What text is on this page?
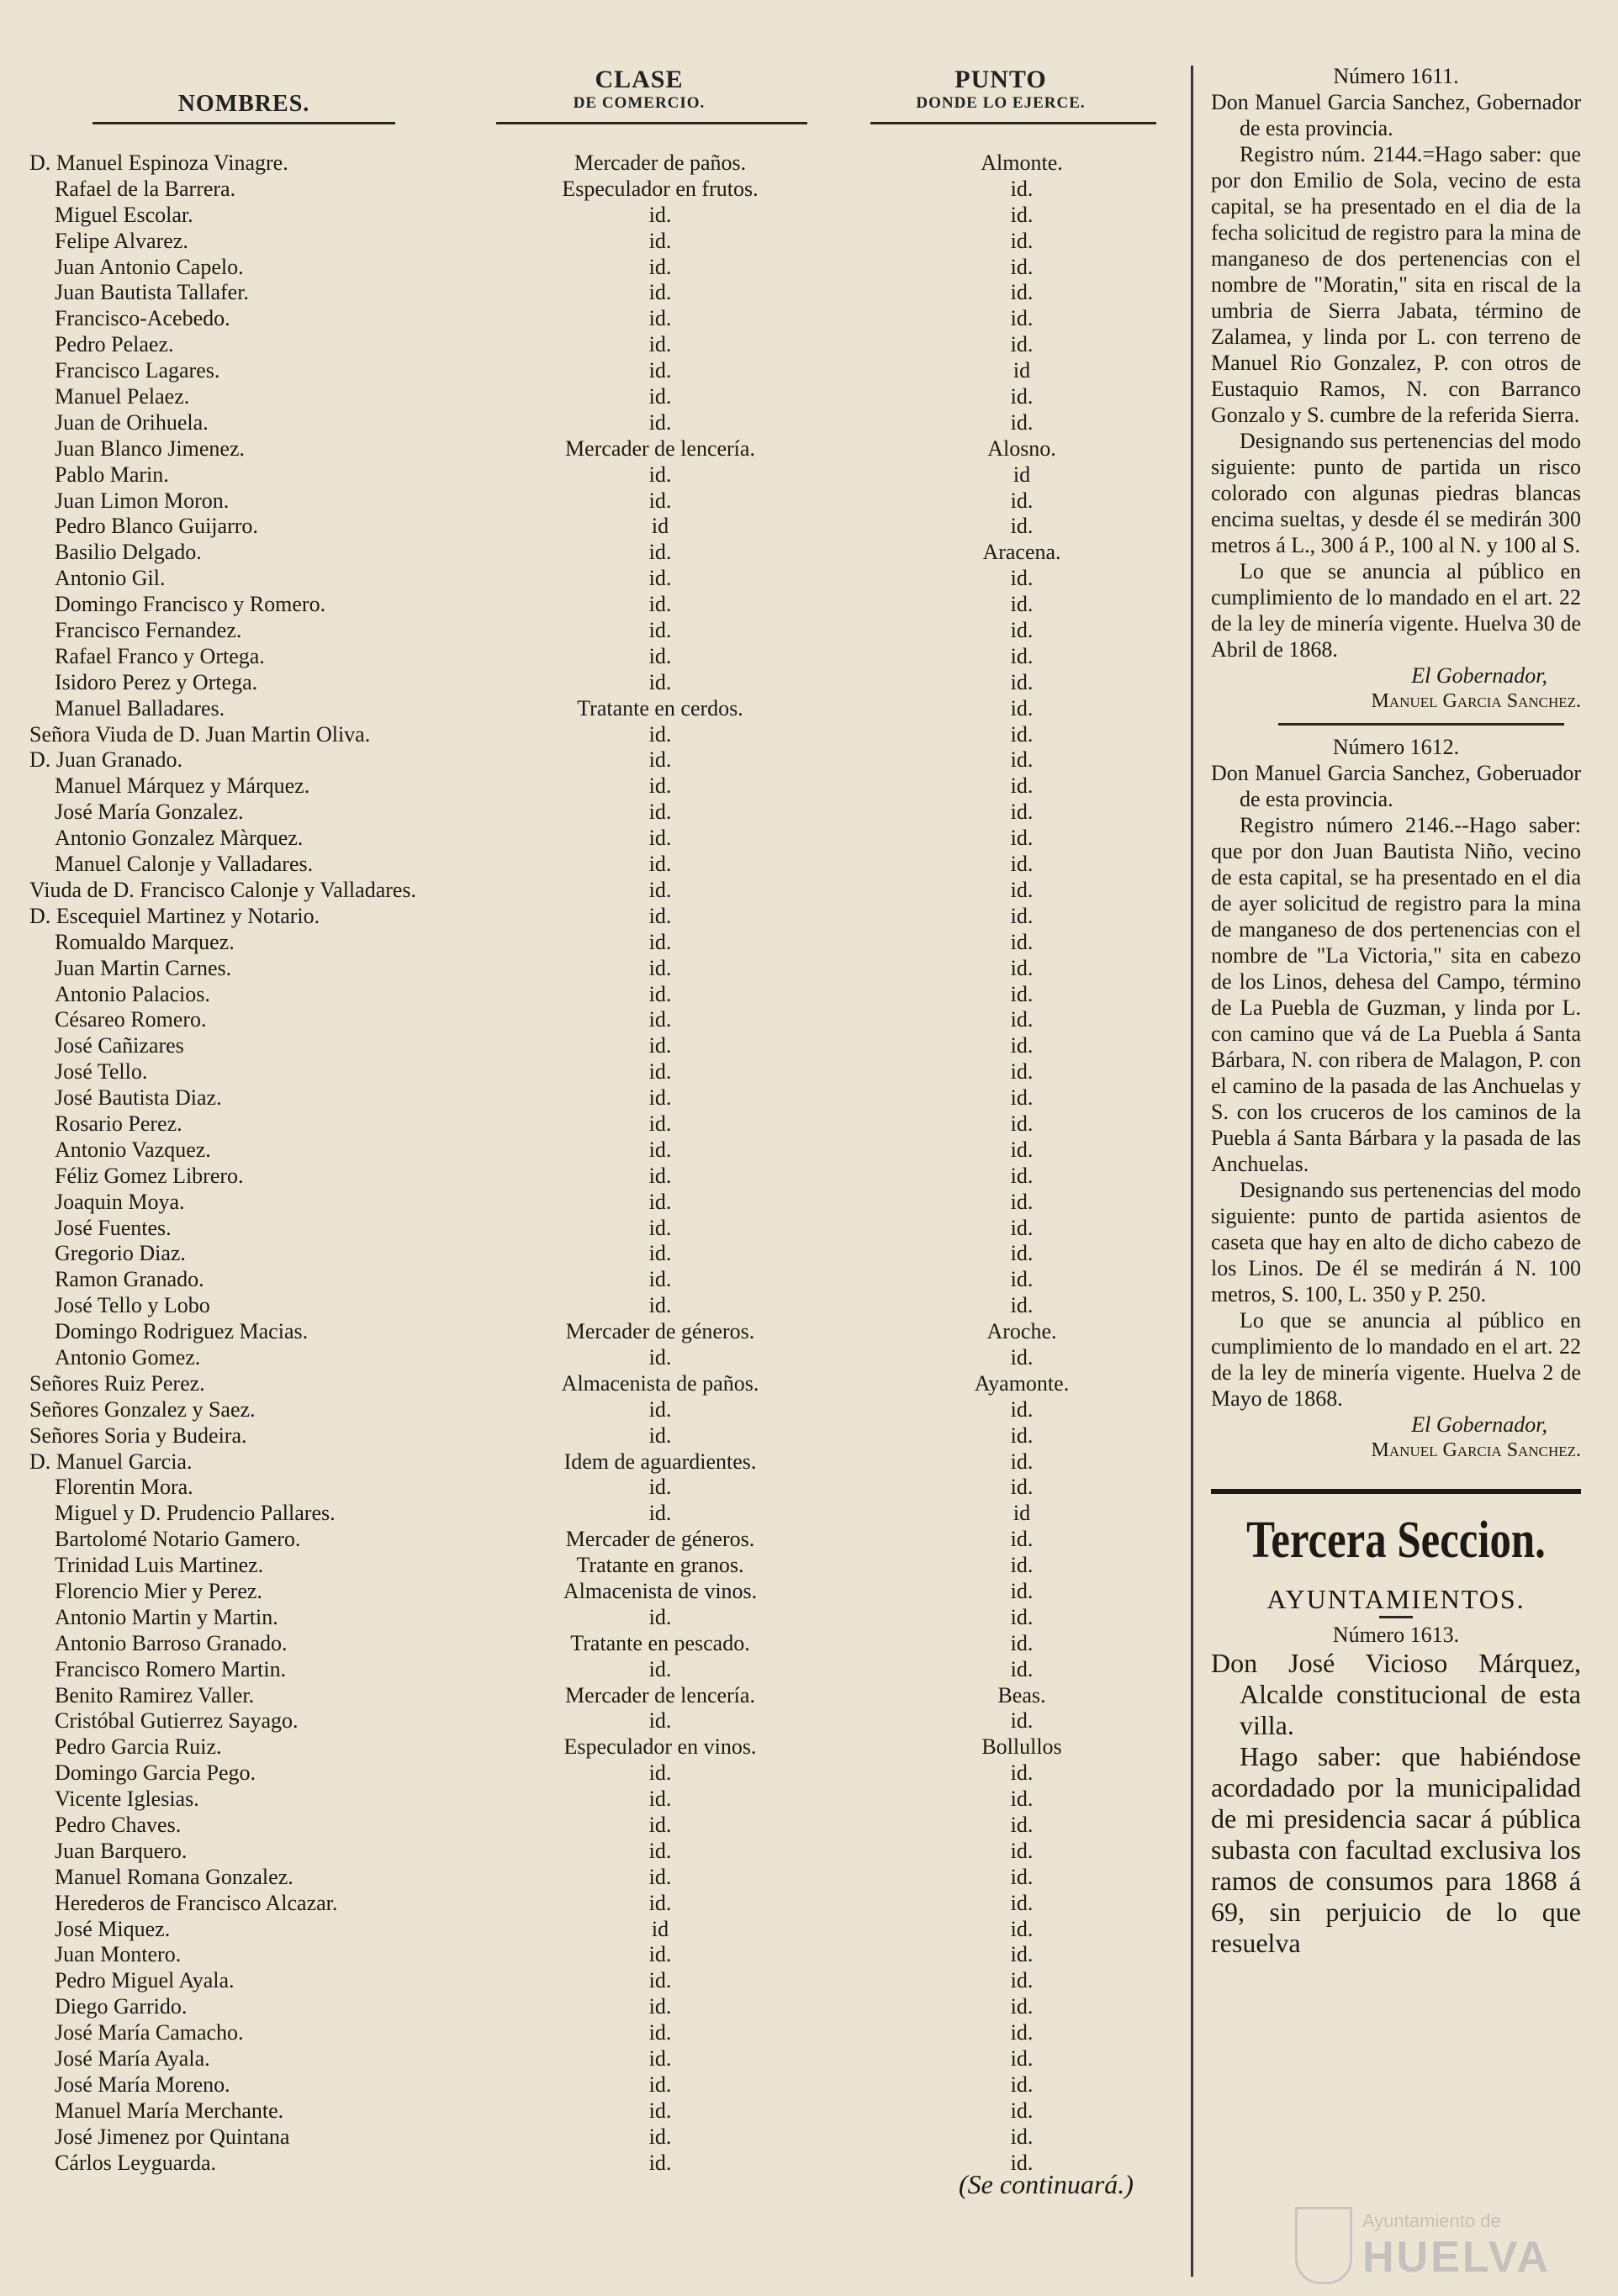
NOMBRES.
CLASE
DE COMERCIO.
PUNTO
DONDE LO EJERCE.
D. Manuel Espinoza Vinagre.	Mercader de paños.	Almonte.
Rafael de la Barrera.	Especulador en frutos.	id.
Miguel Escolar.	id.	id.
Felipe Alvarez.	id.	id.
Juan Antonio Capelo.	id.	id.
Juan Bautista Tallafer.	id.	id.
Francisco-Acebedo.	id.	id.
Pedro Pelaez.	id.	id.
Francisco Lagares.	id.	id
Manuel Pelaez.	id.	id.
Juan de Orihuela.	id.	id.
Juan Blanco Jimenez.	Mercader de lencería.	Alosno.
Pablo Marin.	id.	id
Juan Limon Moron.	id.	id.
Pedro Blanco Guijarro.	id	id.
Basilio Delgado.	id.	Aracena.
Antonio Gil.	id.	id.
Domingo Francisco y Romero.	id.	id.
Francisco Fernandez.	id.	id.
Rafael Franco y Ortega.	id.	id.
Isidoro Perez y Ortega.	id.	id.
Manuel Balladares.	Tratante en cerdos.	id.
Señora Viuda de D. Juan Martin Oliva.	id.	id.
D. Juan Granado.	id.	id.
Manuel Márquez y Márquez.	id.	id.
José María Gonzalez.	id.	id.
Antonio Gonzalez Màrquez.	id.	id.
Manuel Calonje y Valladares.	id.	id.
Viuda de D. Francisco Calonje y Valladares.	id.	id.
D. Escequiel Martinez y Notario.	id.	id.
Romualdo Marquez.	id.	id.
Juan Martin Carnes.	id.	id.
Antonio Palacios.	id.	id.
Césareo Romero.	id.	id.
José Cañizares	id.	id.
José Tello.	id.	id.
José Bautista Diaz.	id.	id.
Rosario Perez.	id.	id.
Antonio Vazquez.	id.	id.
Féliz Gomez Librero.	id.	id.
Joaquin Moya.	id.	id.
José Fuentes.	id.	id.
Gregorio Diaz.	id.	id.
Ramon Granado.	id.	id.
José Tello y Lobo	id.	id.
Domingo Rodriguez Macias.	Mercader de géneros.	Aroche.
Antonio Gomez.	id.	id.
Señores Ruiz Perez.	Almacenista de paños.	Ayamonte.
Señores Gonzalez y Saez.	id.	id.
Señores Soria y Budeira.	id.	id.
D. Manuel Garcia.	Idem de aguardientes.	id.
Florentin Mora.	id.	id.
Miguel y D. Prudencio Pallares.	id.	id
Bartolomé Notario Gamero.	Mercader de géneros.	id.
Trinidad Luis Martinez.	Tratante en granos.	id.
Florencio Mier y Perez.	Almacenista de vinos.	id.
Antonio Martin y Martin.	id.	id.
Antonio Barroso Granado.	Tratante en pescado.	id.
Francisco Romero Martin.	id.	id.
Benito Ramirez Valler.	Mercader de lencería.	Beas.
Cristóbal Gutierrez Sayago.	id.	id.
Pedro Garcia Ruiz.	Especulador en vinos.	Bollullos
Domingo Garcia Pego.	id.	id.
Vicente Iglesias.	id.	id.
Pedro Chaves.	id.	id.
Juan Barquero.	id.	id.
Manuel Romana Gonzalez.	id.	id.
Herederos de Francisco Alcazar.	id.	id.
José Miquez.	id	id.
Juan Montero.	id.	id.
Pedro Miguel Ayala.	id.	id.
Diego Garrido.	id.	id.
José María Camacho.	id.	id.
José María Ayala.	id.	id.
José María Moreno.	id.	id.
Manuel María Merchante.	id.	id.
José Jimenez por Quintana	id.	id.
Cárlos Leyguarda.	id.	id.
(Se continuará.)

Número 1611.

Don Manuel Garcia Sanchez, Gobernador de esta provincia.

Registro núm. 2144.=Hago saber: que por don Emilio de Sola, vecino de esta capital, se ha presentado en el dia de la fecha solicitud de registro para la mina de manganeso de dos pertenencias con el nombre de "Moratin," sita en riscal de la umbria de Sierra Jabata, término de Zalamea, y linda por L. con terreno de Manuel Rio Gonzalez, P. con otros de Eustaquio Ramos, N. con Barranco Gonzalo y S. cumbre de la referida Sierra.

Designando sus pertenencias del modo siguiente: punto de partida un risco colorado con algunas piedras blancas encima sueltas, y desde él se medirán 300 metros á L., 300 á P., 100 al N. y 100 al S.

Lo que se anuncia al público en cumplimiento de lo mandado en el art. 22 de la ley de minería vigente. Huelva 30 de Abril de 1868.

El Gobernador,

Manuel Garcia Sanchez.

Número 1612.

Don Manuel Garcia Sanchez, Goberuador de esta provincia.

Registro número 2146.--Hago saber: que por don Juan Bautista Niño, vecino de esta capital, se ha presentado en el dia de ayer solicitud de registro para la mina de manganeso de dos pertenencias con el nombre de "La Victoria," sita en cabezo de los Linos, dehesa del Campo, término de La Puebla de Guzman, y linda por L. con camino que vá de La Puebla á Santa Bárbara, N. con ribera de Malagon, P. con el camino de la pasada de las Anchuelas y S. con los cruceros de los caminos de la Puebla á Santa Bárbara y la pasada de las Anchuelas.

Designando sus pertenencias del modo siguiente: punto de partida asientos de caseta que hay en alto de dicho cabezo de los Linos. De él se medirán á N. 100 metros, S. 100, L. 350 y P. 250.

Lo que se anuncia al público en cumplimiento de lo mandado en el art. 22 de la ley de minería vigente. Huelva 2 de Mayo de 1868.

El Gobernador,

Manuel Garcia Sanchez.

Tercera Seccion.
AYUNTAMIENTOS.

Número 1613.

Don José Vicioso Márquez, Alcalde constitucional de esta villa.

Hago saber: que habiéndose acordadado por la municipalidad de mi presidencia sacar á pública subasta con facultad exclusiva los ramos de consumos para 1868 á 69, sin perjuicio de lo que resuelva

Ayuntamiento de
HUELVA
